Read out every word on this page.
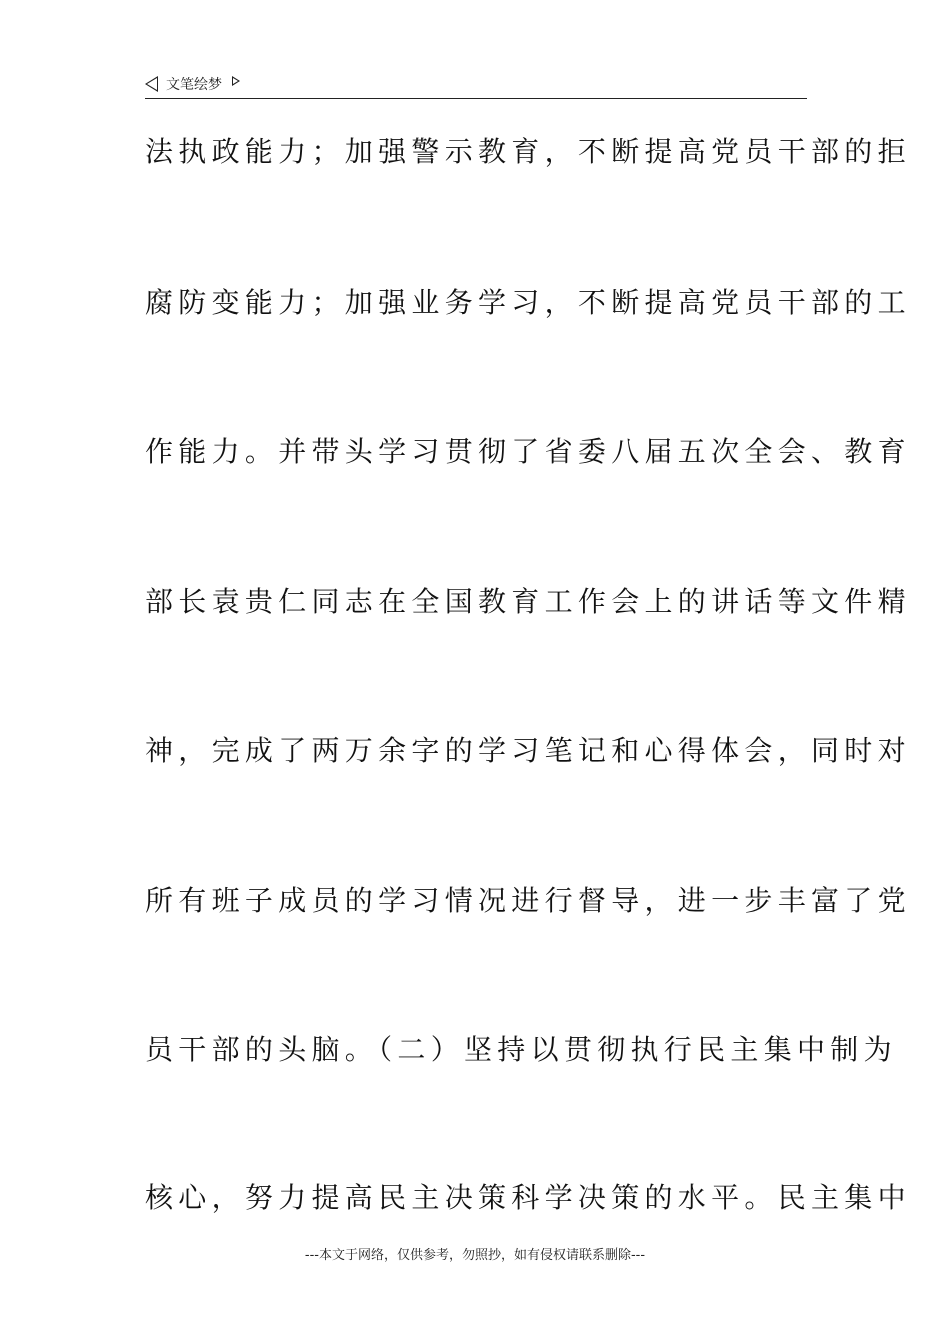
文笔绘梦
法执政能力；加强警示教育，不断提高党员干部的拒
腐防变能力；加强业务学习，不断提高党员干部的工
作能力。并带头学习贯彻了省委八届五次全会、教育
部长袁贵仁同志在全国教育工作会上的讲话等文件精
神，完成了两万余字的学习笔记和心得体会，同时对
所有班子成员的学习情况进行督导，进一步丰富了党
员干部的头脑。（二）坚持以贯彻执行民主集中制为
核心，努力提高民主决策科学决策的水平。民主集中
---本文于网络，仅供参考，勿照抄，如有侵权请联系删除---
